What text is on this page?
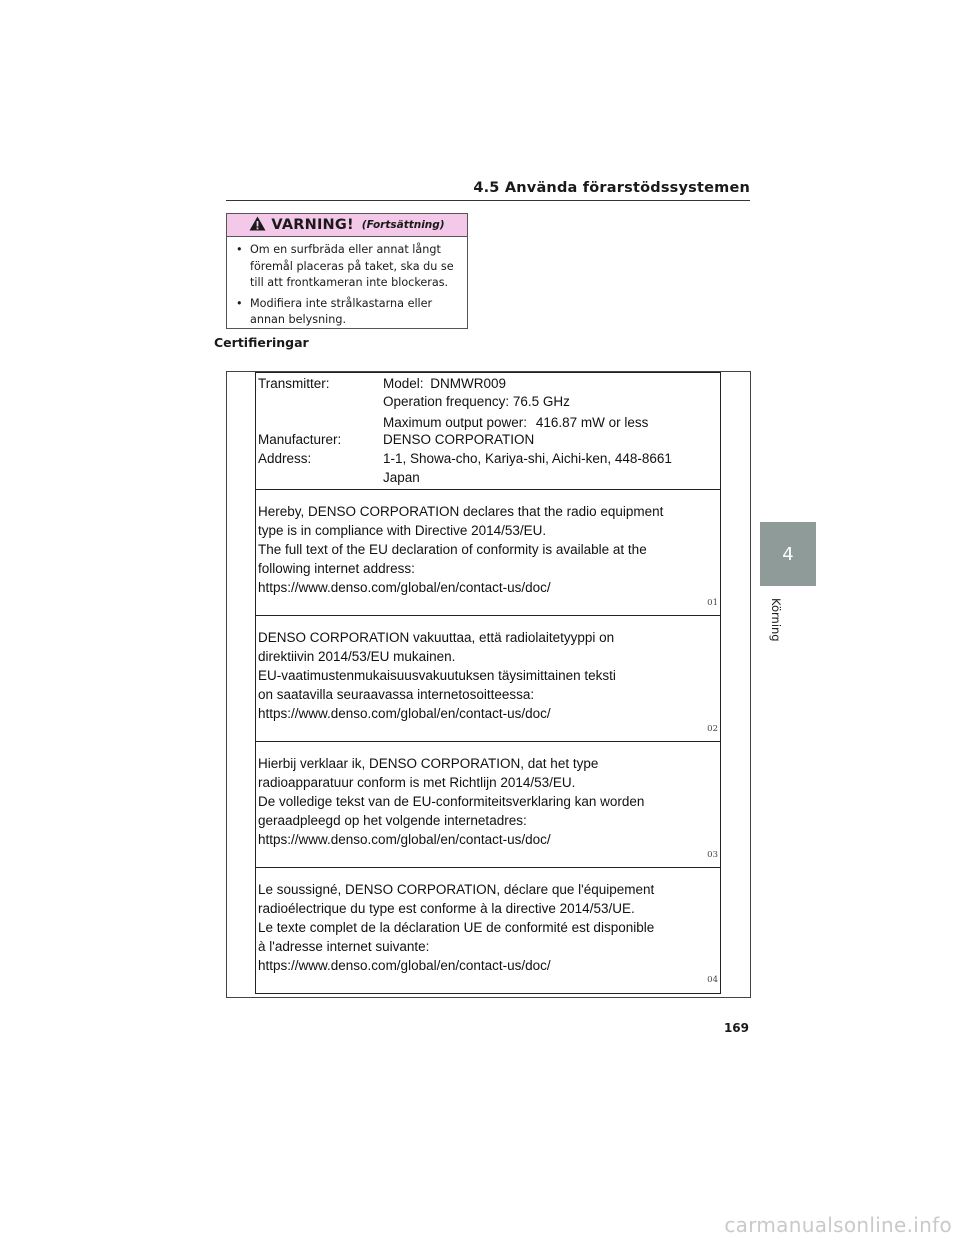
4.5 Använda förarstödssystemen
VARNING! (Fortsättning)
• Om en surfbräda eller annat långt
föremål placeras på taket, ska du se
till att frontkameran inte blockeras.
• Modifiera inte strålkastarna eller
annan belysning.
Certifieringar
Transmitter:	Model: DNMWR009
Operation frequency: 76.5 GHz
Maximum output power: 416.87 mW or less
Manufacturer:	DENSO CORPORATION
Address:	1-1, Showa-cho, Kariya-shi, Aichi-ken, 448-8661
Japan
Hereby, DENSO CORPORATION declares that the radio equipment
type is in compliance with Directive 2014/53/EU.
The full text of the EU declaration of conformity is available at the
following internet address:
https://www.denso.com/global/en/contact-us/doc/
01
DENSO CORPORATION vakuuttaa, että radiolaitetyyppi on
direktiivin 2014/53/EU mukainen.
EU-vaatimustenmukaisuusvakuutuksen täysimittainen teksti
on saatavilla seuraavassa internetosoitteessa:
https://www.denso.com/global/en/contact-us/doc/
02
Hierbij verklaar ik, DENSO CORPORATION, dat het type
radioapparatuur conform is met Richtlijn 2014/53/EU.
De volledige tekst van de EU-conformiteitsverklaring kan worden
geraadpleegd op het volgende internetadres:
https://www.denso.com/global/en/contact-us/doc/
03
Le soussigné, DENSO CORPORATION, déclare que l'équipement
radioélectrique du type est conforme à la directive 2014/53/UE.
Le texte complet de la déclaration UE de conformité est disponible
à l'adresse internet suivante:
https://www.denso.com/global/en/contact-us/doc/
04
4
Körning
169
carmanualsonline.info
